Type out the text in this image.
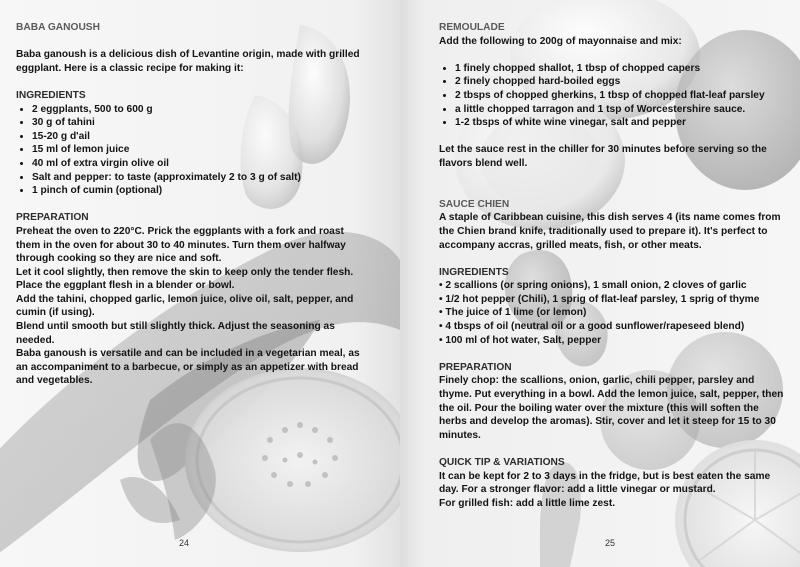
BABA GANOUSH

Baba ganoush is a delicious dish of Levantine origin, made with grilled eggplant. Here is a classic recipe for making it:

INGREDIENTS

• 2 eggplants, 500 to 600 g
• 30 g of tahini
• 15-20 g d'ail
• 15 ml of lemon juice
• 40 ml of extra virgin olive oil
• Salt and pepper: to taste (approximately 2 to 3 g of salt)
• 1 pinch of cumin (optional)

PREPARATION

Preheat the oven to 220°C. Prick the eggplants with a fork and roast them in the oven for about 30 to 40 minutes. Turn them over halfway through cooking so they are nice and soft.

Let it cool slightly, then remove the skin to keep only the tender flesh.

Place the eggplant flesh in a blender or bowl.

Add the tahini, chopped garlic, lemon juice, olive oil, salt, pepper, and cumin (if using).

Blend until smooth but still slightly thick. Adjust the seasoning as needed.

Baba ganoush is versatile and can be included in a vegetarian meal, as an accompaniment to a barbecue, or simply as an appetizer with bread and vegetables.

24

REMOULADE

Add the following to 200g of mayonnaise and mix:

• 1 finely chopped shallot, 1 tbsp of chopped capers
• 2 finely chopped hard-boiled eggs
• 2 tbsps of chopped gherkins, 1 tbsp of chopped flat-leaf parsley
• a little chopped tarragon and 1 tsp of Worcestershire sauce.
• 1-2 tbsps of white wine vinegar, salt and pepper

Let the sauce rest in the chiller for 30 minutes before serving so the flavors blend well.

SAUCE CHIEN

A staple of Caribbean cuisine, this dish serves 4 (its name comes from the Chien brand knife, traditionally used to prepare it). It's perfect to accompany accras, grilled meats, fish, or other meats.

INGREDIENTS

• 2 scallions (or spring onions), 1 small onion, 2 cloves of garlic

• 1/2 hot pepper (Chili), 1 sprig of flat-leaf parsley, 1 sprig of thyme

• The juice of 1 lime (or lemon)

• 4 tbsps of oil (neutral oil or a good sunflower/rapeseed blend)

• 100 ml of hot water, Salt, pepper

PREPARATION

Finely chop: the scallions, onion, garlic, chili pepper, parsley and thyme. Put everything in a bowl. Add the lemon juice, salt, pepper, then the oil. Pour the boiling water over the mixture (this will soften the herbs and develop the aromas). Stir, cover and let it steep for 15 to 30 minutes.

QUICK TIP & VARIATIONS

It can be kept for 2 to 3 days in the fridge, but is best eaten the same day. For a stronger flavor: add a little vinegar or mustard.

For grilled fish: add a little lime zest.

25
